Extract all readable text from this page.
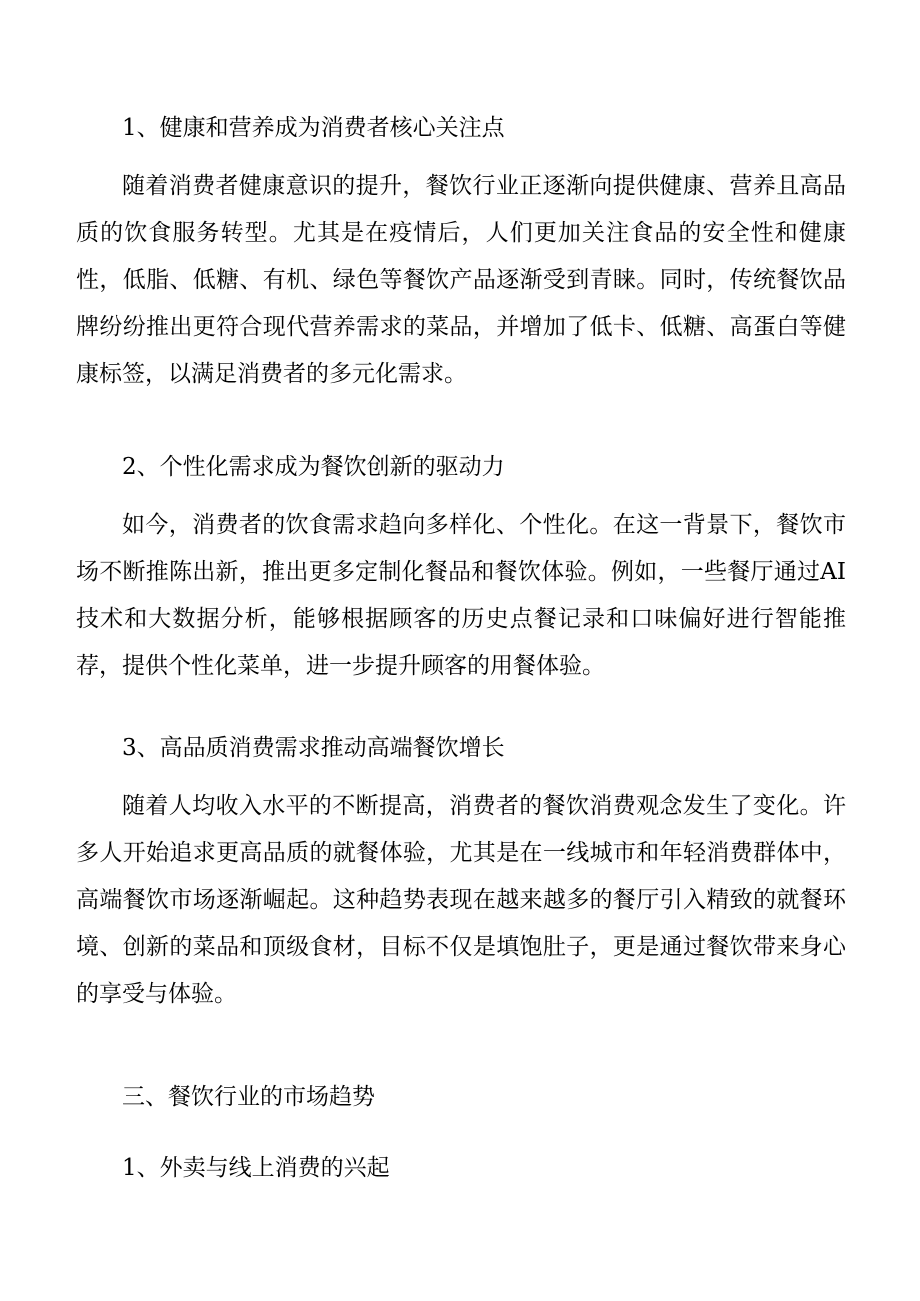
1、健康和营养成为消费者核心关注点

随着消费者健康意识的提升，餐饮行业正逐渐向提供健康、营养且高品质的饮食服务转型。尤其是在疫情后，人们更加关注食品的安全性和健康性，低脂、低糖、有机、绿色等餐饮产品逐渐受到青睐。同时，传统餐饮品牌纷纷推出更符合现代营养需求的菜品，并增加了低卡、低糖、高蛋白等健康标签，以满足消费者的多元化需求。

2、个性化需求成为餐饮创新的驱动力

如今，消费者的饮食需求趋向多样化、个性化。在这一背景下，餐饮市场不断推陈出新，推出更多定制化餐品和餐饮体验。例如，一些餐厅通过AI技术和大数据分析，能够根据顾客的历史点餐记录和口味偏好进行智能推荐，提供个性化菜单，进一步提升顾客的用餐体验。

3、高品质消费需求推动高端餐饮增长

随着人均收入水平的不断提高，消费者的餐饮消费观念发生了变化。许多人开始追求更高品质的就餐体验，尤其是在一线城市和年轻消费群体中，高端餐饮市场逐渐崛起。这种趋势表现在越来越多的餐厅引入精致的就餐环境、创新的菜品和顶级食材，目标不仅是填饱肚子，更是通过餐饮带来身心的享受与体验。

三、餐饮行业的市场趋势
1、外卖与线上消费的兴起
